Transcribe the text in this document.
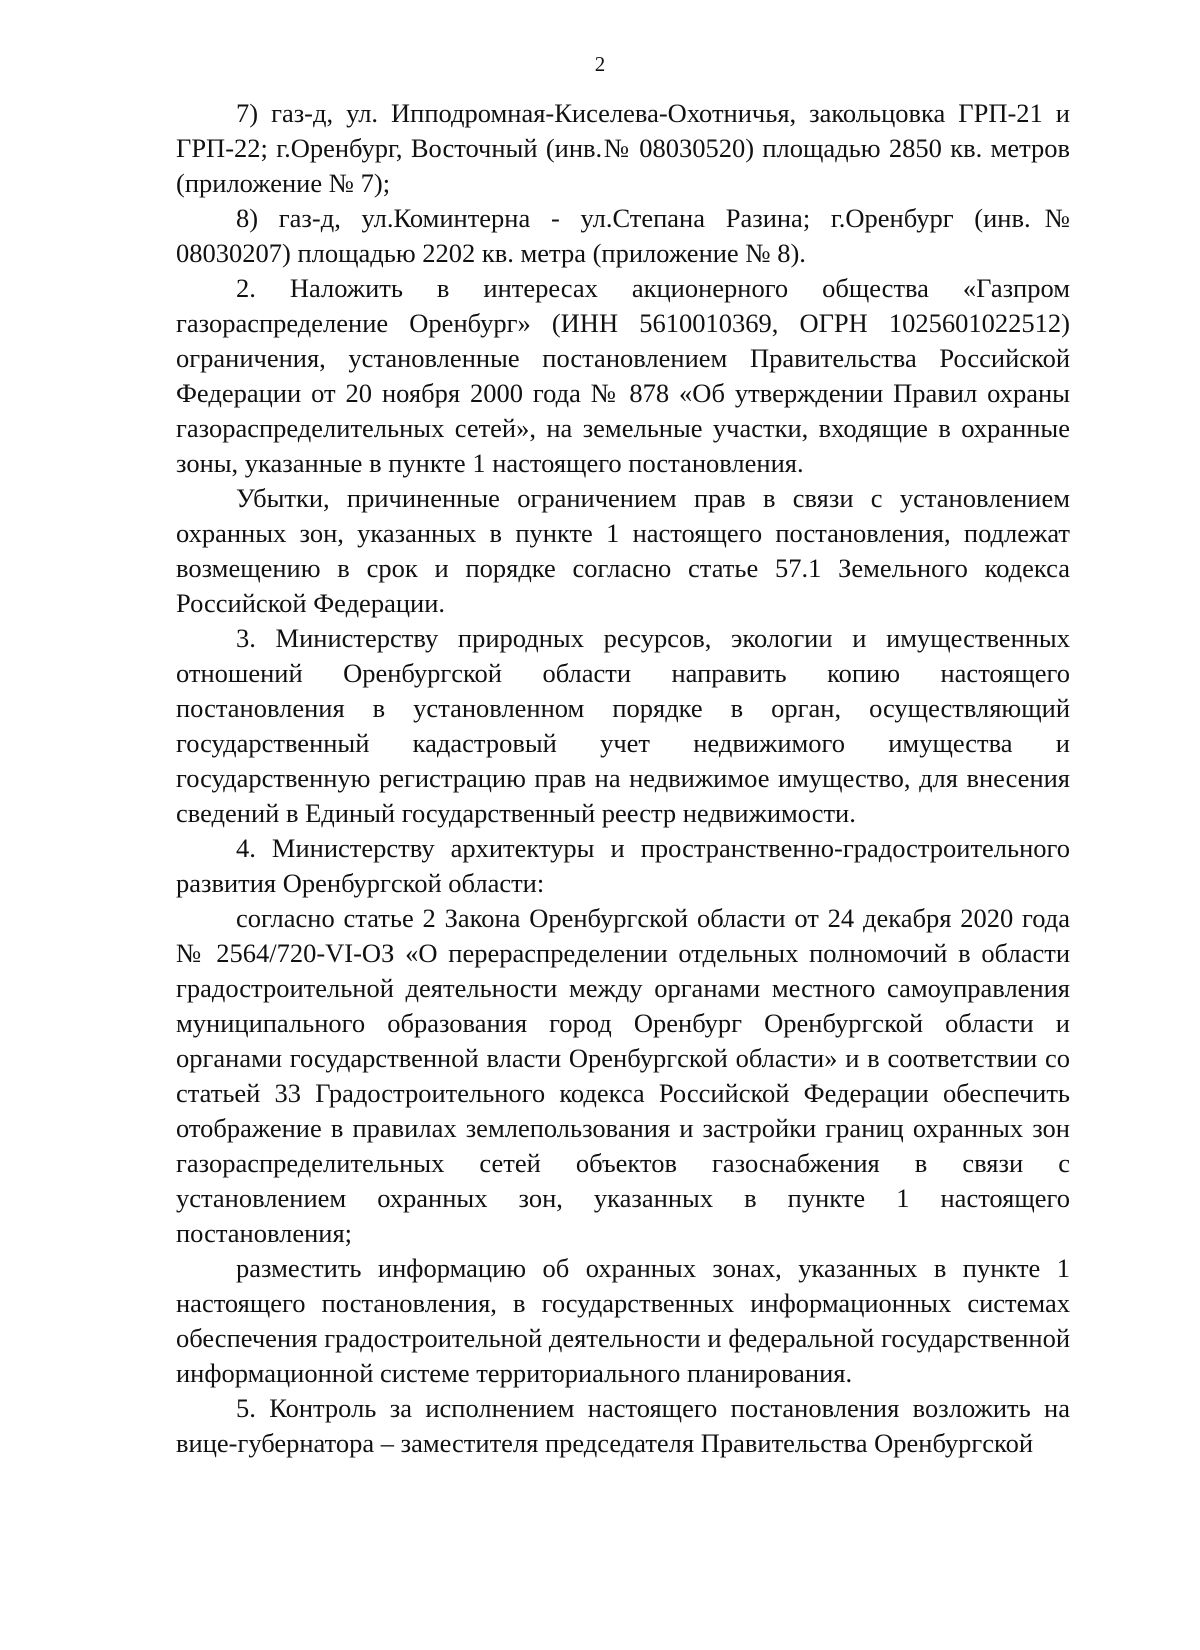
2

7) газ-д, ул. Ипподромная-Киселева-Охотничья, закольцовка ГРП-21 и ГРП-22; г.Оренбург, Восточный (инв.№ 08030520) площадью 2850 кв. метров (приложение № 7);

8) газ-д, ул.Коминтерна - ул.Степана Разина; г.Оренбург (инв.№ 08030207) площадью 2202 кв. метра (приложение № 8).

2. Наложить в интересах акционерного общества «Газпром газораспределение Оренбург» (ИНН 5610010369, ОГРН 1025601022512) ограничения, установленные постановлением Правительства Российской Федерации от 20 ноября 2000 года № 878 «Об утверждении Правил охраны газораспределительных сетей», на земельные участки, входящие в охранные зоны, указанные в пункте 1 настоящего постановления.

Убытки, причиненные ограничением прав в связи с установлением охранных зон, указанных в пункте 1 настоящего постановления, подлежат возмещению в срок и порядке согласно статье 57.1 Земельного кодекса Российской Федерации.

3. Министерству природных ресурсов, экологии и имущественных отношений Оренбургской области направить копию настоящего постановления в установленном порядке в орган, осуществляющий государственный кадастровый учет недвижимого имущества и государственную регистрацию прав на недвижимое имущество, для внесения сведений в Единый государственный реестр недвижимости.

4. Министерству архитектуры и пространственно-градостроительного развития Оренбургской области:

согласно статье 2 Закона Оренбургской области от 24 декабря 2020 года № 2564/720-VI-ОЗ «О перераспределении отдельных полномочий в области градостроительной деятельности между органами местного самоуправления муниципального образования город Оренбург Оренбургской области и органами государственной власти Оренбургской области» и в соответствии со статьей 33 Градостроительного кодекса Российской Федерации обеспечить отображение в правилах землепользования и застройки границ охранных зон газораспределительных сетей объектов газоснабжения в связи с установлением охранных зон, указанных в пункте 1 настоящего постановления;

разместить информацию об охранных зонах, указанных в пункте 1 настоящего постановления, в государственных информационных системах обеспечения градостроительной деятельности и федеральной государственной информационной системе территориального планирования.

5. Контроль за исполнением настоящего постановления возложить на вице-губернатора – заместителя председателя Правительства Оренбургской
